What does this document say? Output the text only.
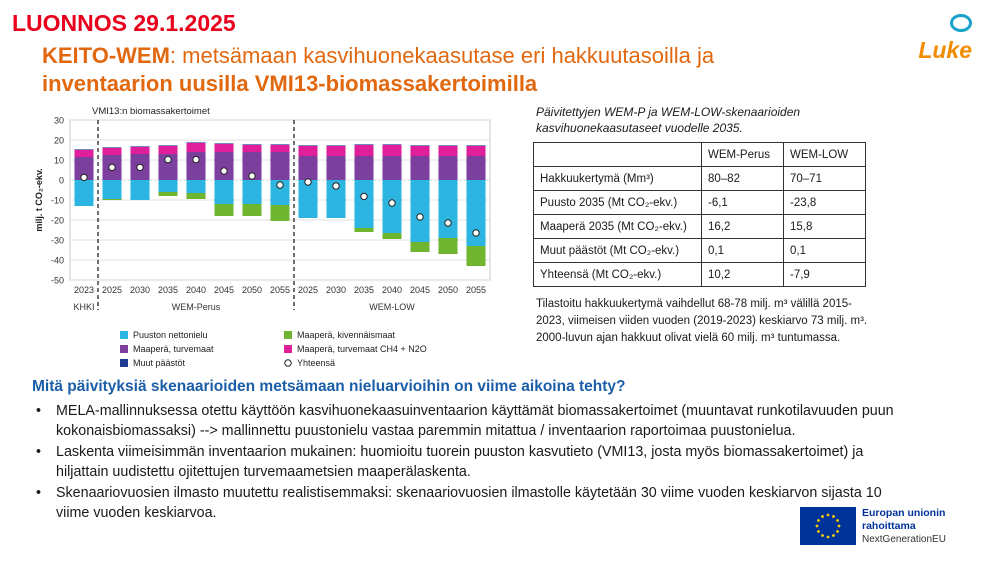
LUONNOS 29.1.2025
KEITO-WEM: metsämaan kasvihuonekaasutase eri hakkuutasoilla ja
inventaarion uusilla VMI13-biomassakertoimilla
Luke
30
20
10
0
-10
-20
-30
-40
-50
VMI13:n biomassakertoimet
milj. t CO₂-ekv.
2023 2025 2030 2035 2040 2045 2050 2055 2025 2030 2035 2040 2045 2050 2055
KHKI	WEM-Perus	WEM-LOW
Puuston nettonielu	Maaperä, kivennäismaat
Maaperä, turvemaat	Maaperä, turvemaat CH4 + N2O
Muut päästöt	Yhteensä
Päivitettyjen WEM-P ja WEM-LOW-skenaarioiden
kasvihuonekaasutaseet vuodelle 2035.
	WEM-Perus	WEM-LOW
Hakkuukertymä (Mm³)	80–82	70–71
Puusto 2035 (Mt CO₂-ekv.)	-6,1	-23,8
Maaperä 2035 (Mt CO₂-ekv.)	16,2	15,8
Muut päästöt (Mt CO₂-ekv.)	0,1	0,1
Yhteensä (Mt CO₂-ekv.)	10,2	-7,9
Tilastoitu hakkuukertymä vaihdellut 68-78 milj. m³ välillä 2015-
2023, viimeisen viiden vuoden (2019-2023) keskiarvo 73 milj. m³.
2000-luvun ajan hakkuut olivat vielä 60 milj. m³ tuntumassa.
Mitä päivityksiä skenaarioiden metsämaan nieluarvioihin on viime aikoina tehty?
• MELA-mallinnuksessa otettu käyttöön kasvihuonekaasuinventaarion käyttämät biomassakertoimet (muuntavat runkotilavuuden puun kokonaisbiomassaksi) --> mallinnettu puustonielu vastaa paremmin mitattua / inventaarion raportoimaa puustonielua.
• Laskenta viimeisimmän inventaarion mukainen: huomioitu tuorein puuston kasvutieto (VMI13, josta myös biomassakertoimet) ja hiljattain uudistettu ojitettujen turvemaametsien maaperälaskenta.
• Skenaariovuosien ilmasto muutettu realistisemmaksi: skenaariovuosien ilmastolle käytetään 30 viime vuoden keskiarvon sijasta 10 viime vuoden keskiarvoa.	Europan unionin
rahoittama
NextGenerationEU
